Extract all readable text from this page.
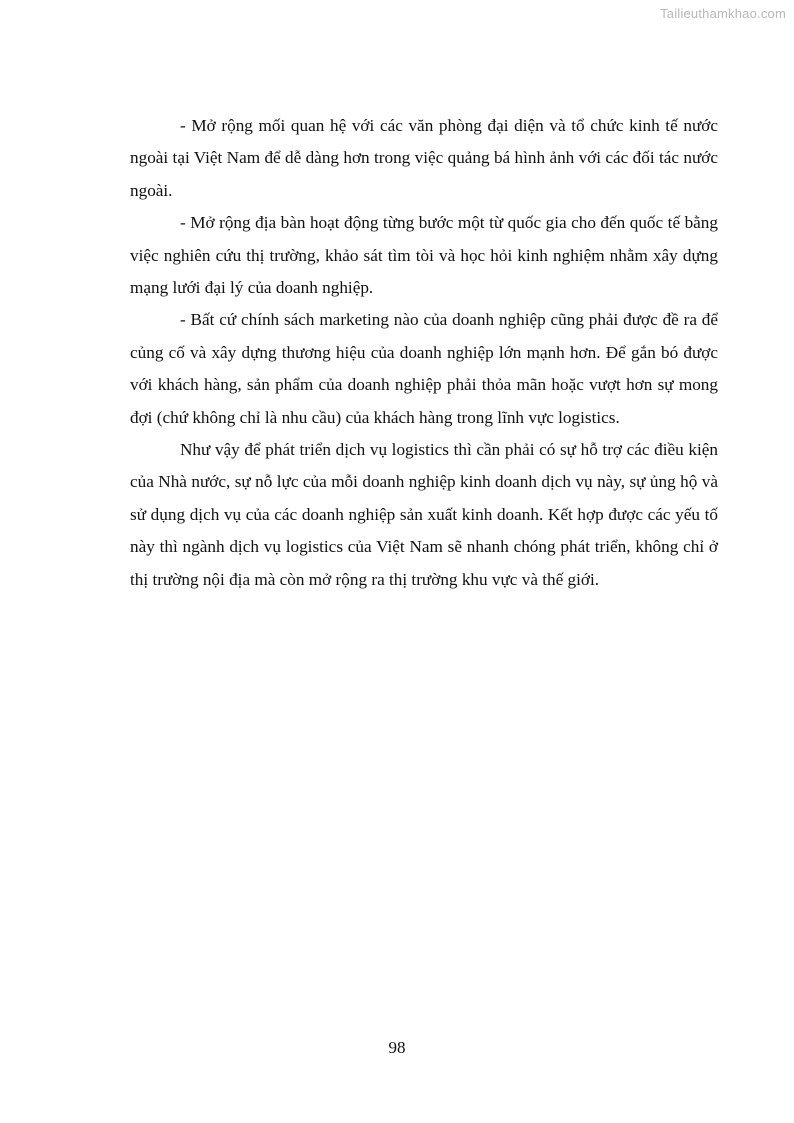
Tailieuthamkhao.com

- Mở rộng mối quan hệ với các văn phòng đại diện và tổ chức kinh tế nước ngoài tại Việt Nam để dễ dàng hơn trong việc quảng bá hình ảnh với các đối tác nước ngoài.

- Mở rộng địa bàn hoạt động từng bước một từ quốc gia cho đến quốc tế bằng việc nghiên cứu thị trường, khảo sát tìm tòi và học hỏi kinh nghiệm nhằm xây dựng mạng lưới đại lý của doanh nghiệp.

- Bất cứ chính sách marketing nào của doanh nghiệp cũng phải được đề ra để củng cố và xây dựng thương hiệu của doanh nghiệp lớn mạnh hơn. Để gắn bó được với khách hàng, sản phẩm của doanh nghiệp phải thỏa mãn hoặc vượt hơn sự mong đợi (chứ không chỉ là nhu cầu) của khách hàng trong lĩnh vực logistics.

Như vậy để phát triển dịch vụ logistics thì cần phải có sự hỗ trợ các điều kiện của Nhà nước, sự nỗ lực của mỗi doanh nghiệp kinh doanh dịch vụ này, sự ủng hộ và sử dụng dịch vụ của các doanh nghiệp sản xuất kinh doanh. Kết hợp được các yếu tố này thì ngành dịch vụ logistics của Việt Nam sẽ nhanh chóng phát triển, không chỉ ở thị trường nội địa mà còn mở rộng ra thị trường khu vực và thế giới.

98
